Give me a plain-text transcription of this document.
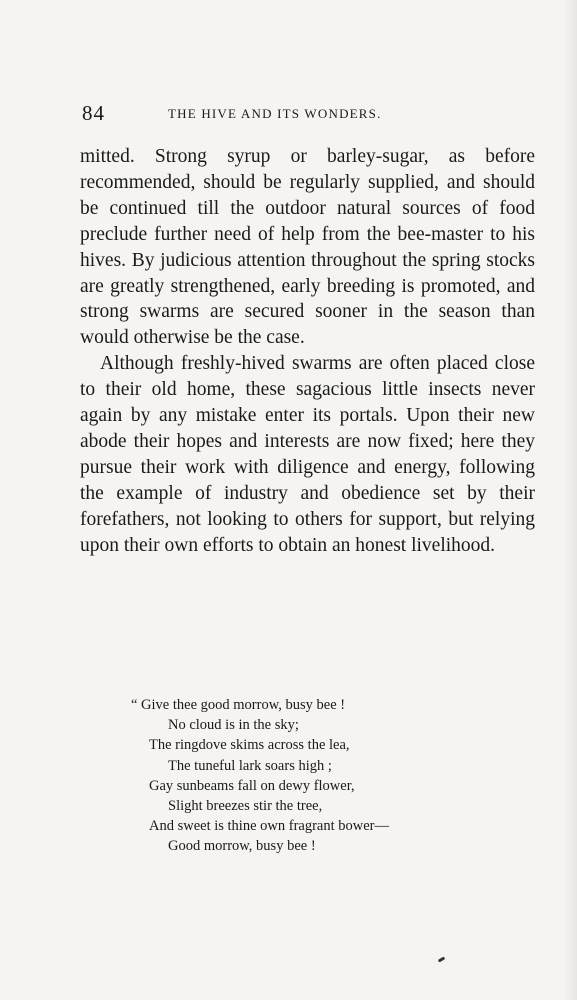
84	THE HIVE AND ITS WONDERS.

mitted. Strong syrup or barley-sugar, as before recommended, should be regularly supplied, and should be continued till the outdoor natural sources of food preclude further need of help from the bee-master to his hives. By judicious attention throughout the spring stocks are greatly strengthened, early breeding is promoted, and strong swarms are secured sooner in the season than would otherwise be the case.

Although freshly-hived swarms are often placed close to their old home, these sagacious little insects never again by any mistake enter its portals. Upon their new abode their hopes and interests are now fixed; here they pursue their work with diligence and energy, following the example of industry and obedience set by their forefathers, not looking to others for support, but relying upon their own efforts to obtain an honest livelihood.

“ Give thee good morrow, busy bee !
No cloud is in the sky;
The ringdove skims across the lea,
The tuneful lark soars high ;
Gay sunbeams fall on dewy flower,
Slight breezes stir the tree,
And sweet is thine own fragrant bower—
Good morrow, busy bee !
